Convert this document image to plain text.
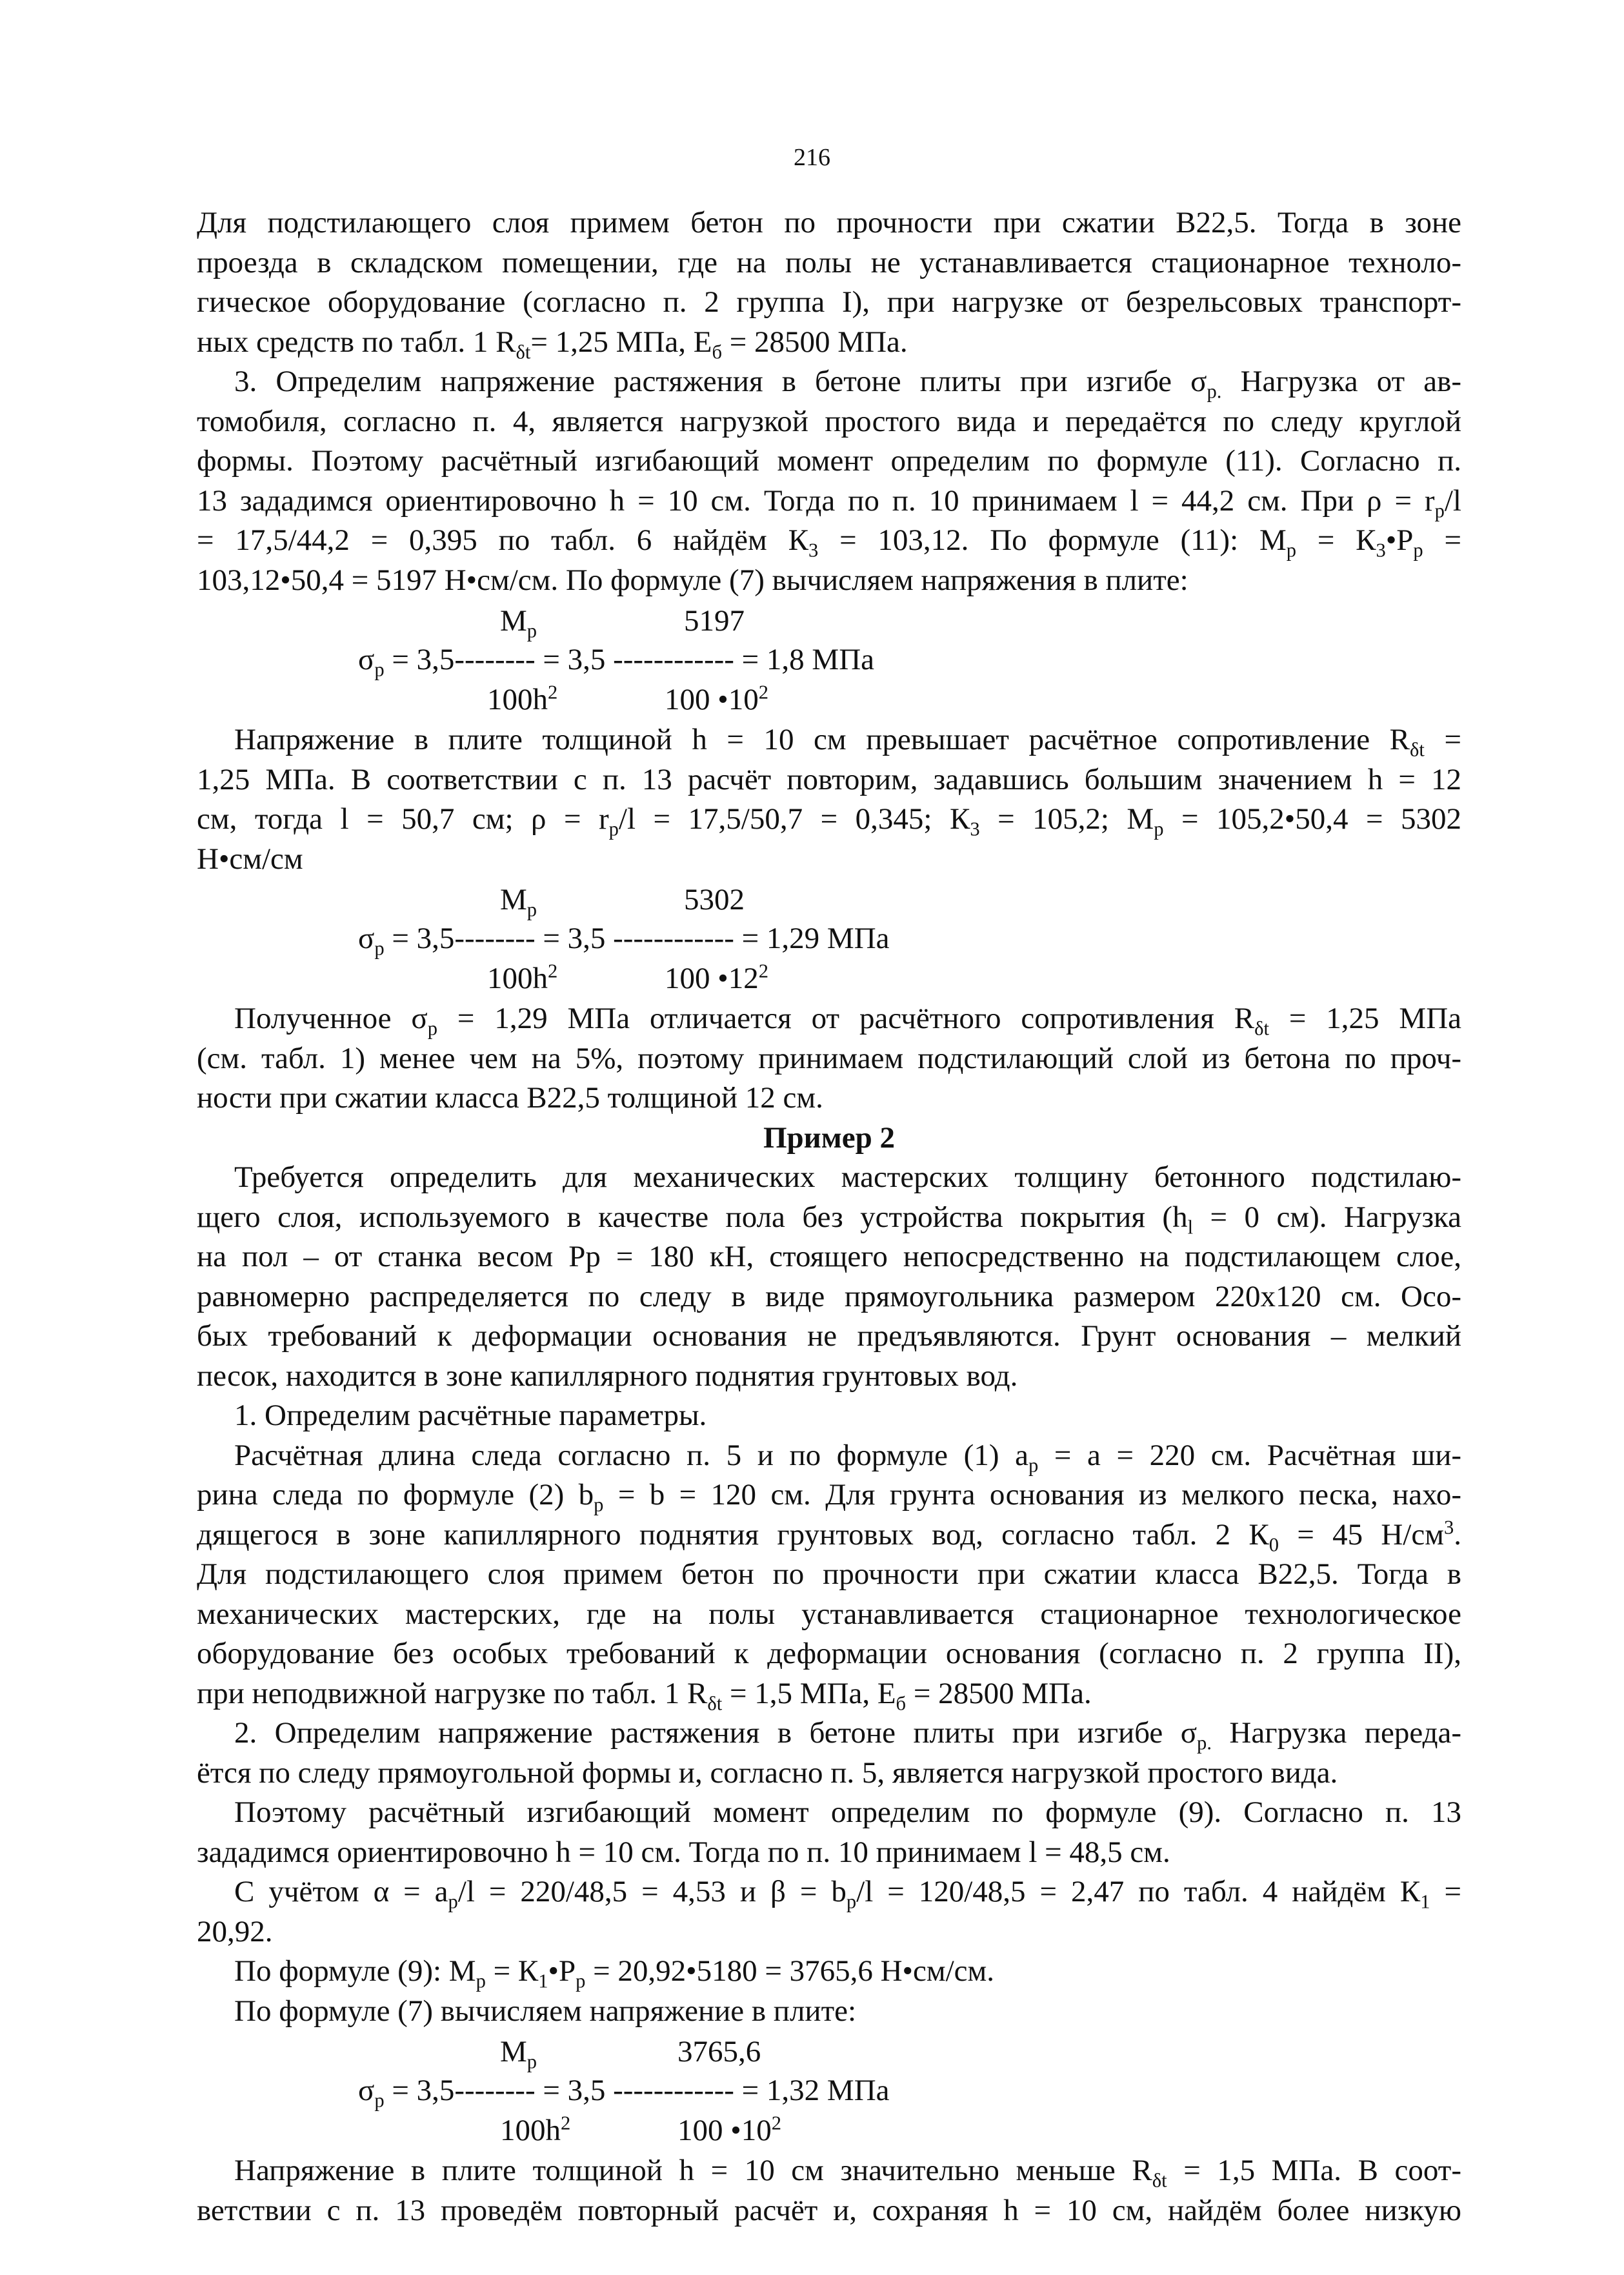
216
Для подстилающего слоя примем бетон по прочности при сжатии В22,5. Тогда в зоне
проезда в складском помещении, где на полы не устанавливается стационарное техноло-
гическое оборудование (согласно п. 2 группа I), при нагрузке от безрельсовых транспорт-
ных средств по табл. 1 $R_{\delta t}= 1,25$ МПа, $Е_б = 28500$ МПа.
3. Определим напряжение растяжения в бетоне плиты при изгибе $\sigma_{р.}$ Нагрузка от ав-
томобиля, согласно п. 4, является нагрузкой простого вида и передаётся по следу круглой
формы. Поэтому расчётный изгибающий момент определим по формуле (11). Согласно п.
13 зададимся ориентировочно h = 10 см. Тогда по п. 10 принимаем l = 44,2 см. При $\rho = r_р/l$
= 17,5/44,2 = 0,395 по табл. 6 найдём $К_3 = 103,12$. По формуле (11): $М_р$ = $К_3•Р_р$ =
103,12•50,4 = 5197 Н•см/см. По формуле (7) вычисляем напряжения в плите:
$М_р$	5197
$\sigma_р = 3,5-------- = 3,5$ ------------ = 1,8 МПа
$100h^2$	100 $•10^2$
Напряжение в плите толщиной h = 10 см превышает расчётное сопротивление $R_{\delta t}$ =
1,25 МПа. В соответствии с п. 13 расчёт повторим, задавшись большим значением h = 12
см, тогда l = 50,7 см; $\rho = r_р/l = 17,5/50,7 = 0,345$; $К_3 = 105,2$; $М_р$ = 105,2•50,4 = 5302
Н•см/см
$М_р$	5302
$\sigma_р = 3,5-------- = 3,5$ ------------ = 1,29 МПа
$100h^2$	100 $•12^2$
Полученное $\sigma_р = 1,29$ МПа отличается от расчётного сопротивления $R_{\delta t} = 1,25$ МПа
(см. табл. 1) менее чем на 5%, поэтому принимаем подстилающий слой из бетона по проч-
ности при сжатии класса В22,5 толщиной 12 см.
Пример 2
Требуется определить для механических мастерских толщину бетонного подстилаю-
щего слоя, используемого в качестве пола без устройства покрытия ($h_l = 0$ см). Нагрузка
на пол – от станка весом Рр = 180 кН, стоящего непосредственно на подстилающем слое,
равномерно распределяется по следу в виде прямоугольника размером 220х120 см. Осо-
бых требований к деформации основания не предъявляются. Грунт основания – мелкий
песок, находится в зоне капиллярного поднятия грунтовых вод.
1. Определим расчётные параметры.
Расчётная длина следа согласно п. 5 и по формуле (1) $a_р = a = 220$ см. Расчётная ши-
рина следа по формуле (2) $b_р = b = 120$ см. Для грунта основания из мелкого песка, нахо-
дящегося в зоне капиллярного поднятия грунтовых вод, согласно табл. 2 $К_0 = 45$ $Н/см^3$.
Для подстилающего слоя примем бетон по прочности при сжатии класса В22,5. Тогда в
механических мастерских, где на полы устанавливается стационарное технологическое
оборудование без особых требований к деформации основания (согласно п. 2 группа II),
при неподвижной нагрузке по табл. 1 $R_{\delta t} = 1,5$ МПа, $Е_б = 28500$ МПа.
2. Определим напряжение растяжения в бетоне плиты при изгибе $\sigma_{р.}$ Нагрузка переда-
ётся по следу прямоугольной формы и, согласно п. 5, является нагрузкой простого вида.
Поэтому расчётный изгибающий момент определим по формуле (9). Согласно п. 13
зададимся ориентировочно h = 10 см. Тогда по п. 10 принимаем l = 48,5 см.
С учётом $\alpha = a_р/l = 220/48,5 = 4,53$ и $\beta = b_р/l = 120/48,5 = 2,47$ по табл. 4 найдём $К_1$ =
20,92.
По формуле (9): $М_р$ = $К_1•Р_р$ = 20,92•5180 = 3765,6 Н•см/см.
По формуле (7) вычисляем напряжение в плите:
$М_р$	3765,6
$\sigma_р = 3,5-------- = 3,5$ ------------ = 1,32 МПа
$100h^2$	100 $•10^2$
Напряжение в плите толщиной h = 10 см значительно меньше $R_{\delta t} = 1,5$ МПа. В соот-
ветствии с п. 13 проведём повторный расчёт и, сохраняя h = 10 см, найдём более низкую
